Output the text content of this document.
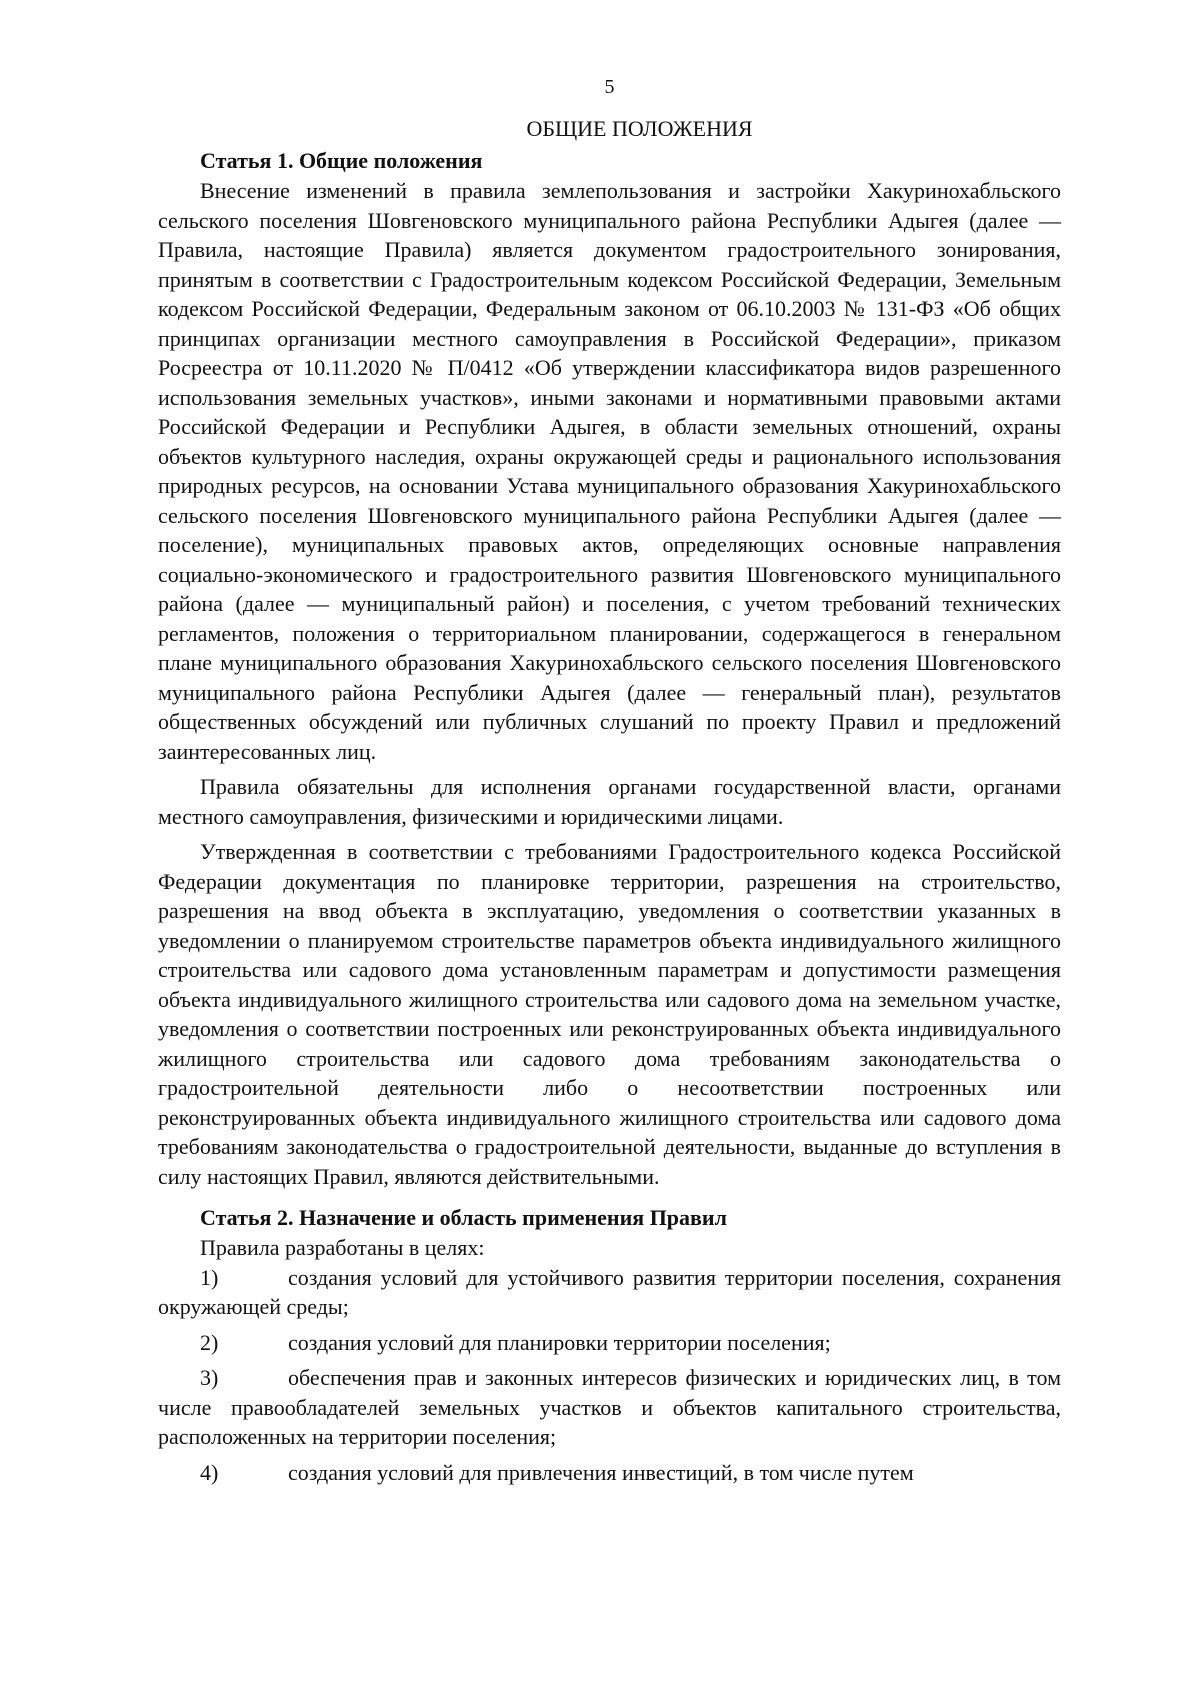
5
ОБЩИЕ ПОЛОЖЕНИЯ
Статья 1. Общие положения

Внесение изменений в правила землепользования и застройки Хакуринохабльского сельского поселения Шовгеновского муниципального района Республики Адыгея (далее — Правила, настоящие Правила) является документом градостроительного зонирования, принятым в соответствии с Градостроительным кодексом Российской Федерации, Земельным кодексом Российской Федерации, Федеральным законом от 06.10.2003 № 131-ФЗ «Об общих принципах организации местного самоуправления в Российской Федерации», приказом Росреестра от 10.11.2020 № П/0412 «Об утверждении классификатора видов разрешенного использования земельных участков», иными законами и нормативными правовыми актами Российской Федерации и Республики Адыгея, в области земельных отношений, охраны объектов культурного наследия, охраны окружающей среды и рационального использования природных ресурсов, на основании Устава муниципального образования Хакуринохабльского сельского поселения Шовгеновского муниципального района Республики Адыгея (далее — поселение), муниципальных правовых актов, определяющих основные направления социально-экономического и градостроительного развития Шовгеновского муниципального района (далее — муниципальный район) и поселения, с учетом требований технических регламентов, положения о территориальном планировании, содержащегося в генеральном плане муниципального образования Хакуринохабльского сельского поселения Шовгеновского муниципального района Республики Адыгея (далее — генеральный план), результатов общественных обсуждений или публичных слушаний по проекту Правил и предложений заинтересованных лиц.

Правила обязательны для исполнения органами государственной власти, органами местного самоуправления, физическими и юридическими лицами.

Утвержденная в соответствии с требованиями Градостроительного кодекса Российской Федерации документация по планировке территории, разрешения на строительство, разрешения на ввод объекта в эксплуатацию, уведомления о соответствии указанных в уведомлении о планируемом строительстве параметров объекта индивидуального жилищного строительства или садового дома установленным параметрам и допустимости размещения объекта индивидуального жилищного строительства или садового дома на земельном участке, уведомления о соответствии построенных или реконструированных объекта индивидуального жилищного строительства или садового дома требованиям законодательства о градостроительной деятельности либо о несоответствии построенных или реконструированных объекта индивидуального жилищного строительства или садового дома требованиям законодательства о градостроительной деятельности, выданные до вступления в силу настоящих Правил, являются действительными.

Статья 2. Назначение и область применения Правил

Правила разработаны в целях:

1)	создания условий для устойчивого развития территории поселения, сохранения окружающей среды;
2)	создания условий для планировки территории поселения;
3)	обеспечения прав и законных интересов физических и юридических лиц, в том числе правообладателей земельных участков и объектов капитального строительства, расположенных на территории поселения;
4)	создания условий для привлечения инвестиций, в том числе путем
